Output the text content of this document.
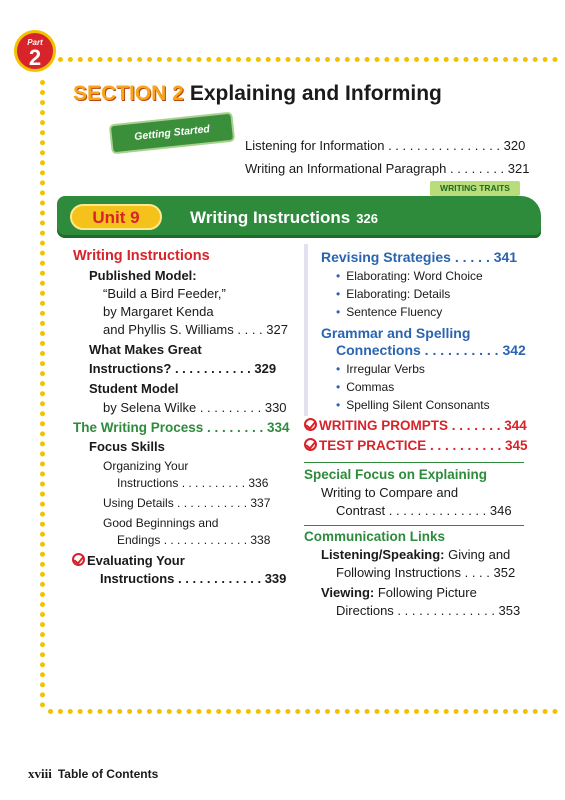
Part
2
SECTION 2 Explaining and Informing
Getting Started
Listening for Information . . . . . . . . . . . . . . . . 320
Writing an Informational Paragraph . . . . . . . . 321
WRITING TRAITS
Unit 9	Writing Instructions 326
Writing Instructions
Published Model:
“Build a Bird Feeder,”
by Margaret Kenda
and Phyllis S. Williams . . . . 327
What Makes Great
Instructions? . . . . . . . . . . . 329
Student Model
by Selena Wilke . . . . . . . . . 330
The Writing Process . . . . . . . . 334
Focus Skills
Organizing Your
Instructions . . . . . . . . . . 336
Using Details . . . . . . . . . . . 337
Good Beginnings and
Endings . . . . . . . . . . . . . 338
Evaluating Your
Instructions . . . . . . . . . . . . 339
Revising Strategies . . . . . 341
• Elaborating: Word Choice
• Elaborating: Details
• Sentence Fluency
Grammar and Spelling
Connections . . . . . . . . . . 342
• Irregular Verbs
• Commas
• Spelling Silent Consonants
WRITING PROMPTS . . . . . . . 344
TEST PRACTICE . . . . . . . . . . 345
Special Focus on Explaining
Writing to Compare and
Contrast . . . . . . . . . . . . . . 346
Communication Links
Listening/Speaking: Giving and
Following Instructions . . . . 352
Viewing: Following Picture
Directions . . . . . . . . . . . . . . 353
xviii Table of Contents
